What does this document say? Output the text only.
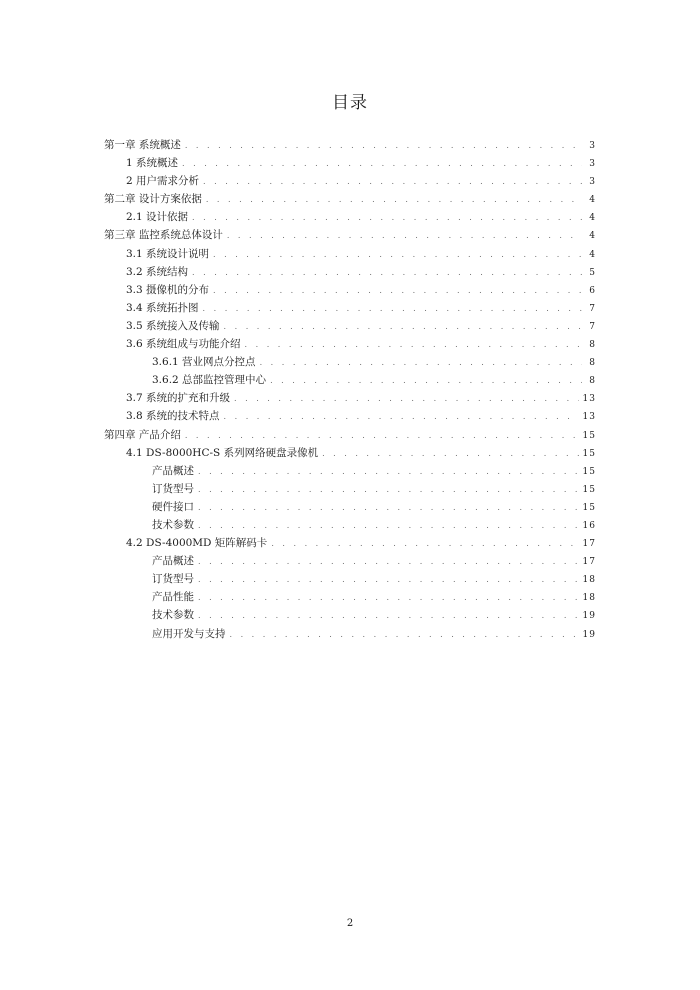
目录
第一章 系统概述 . . .	3
1 系统概述 . . .	3
2 用户需求分析 . . .	3
第二章 设计方案依据 . . .	4
2.1 设计依据 . . .	4
第三章 监控系统总体设计 . . .	4
3.1 系统设计说明 . . .	4
3.2 系统结构 . . .	5
3.3 摄像机的分布 . . .	6
3.4 系统拓扑图 . . .	7
3.5 系统接入及传输 . . .	7
3.6 系统组成与功能介绍 . . .	8
3.6.1 营业网点分控点 . . .	8
3.6.2 总部监控管理中心 . . .	8
3.7 系统的扩充和升级 . . .	13
3.8 系统的技术特点 . . .	13
第四章 产品介绍 . . .	15
4.1 DS-8000HC-S 系列网络硬盘录像机 . . .	15
产品概述 . . .	15
订货型号 . . .	15
硬件接口 . . .	15
技术参数 . . .	16
4.2 DS-4000MD 矩阵解码卡 . . .	17
产品概述 . . .	17
订货型号 . . .	18
产品性能 . . .	18
技术参数 . . .	19
应用开发与支持 . . .	19
2
